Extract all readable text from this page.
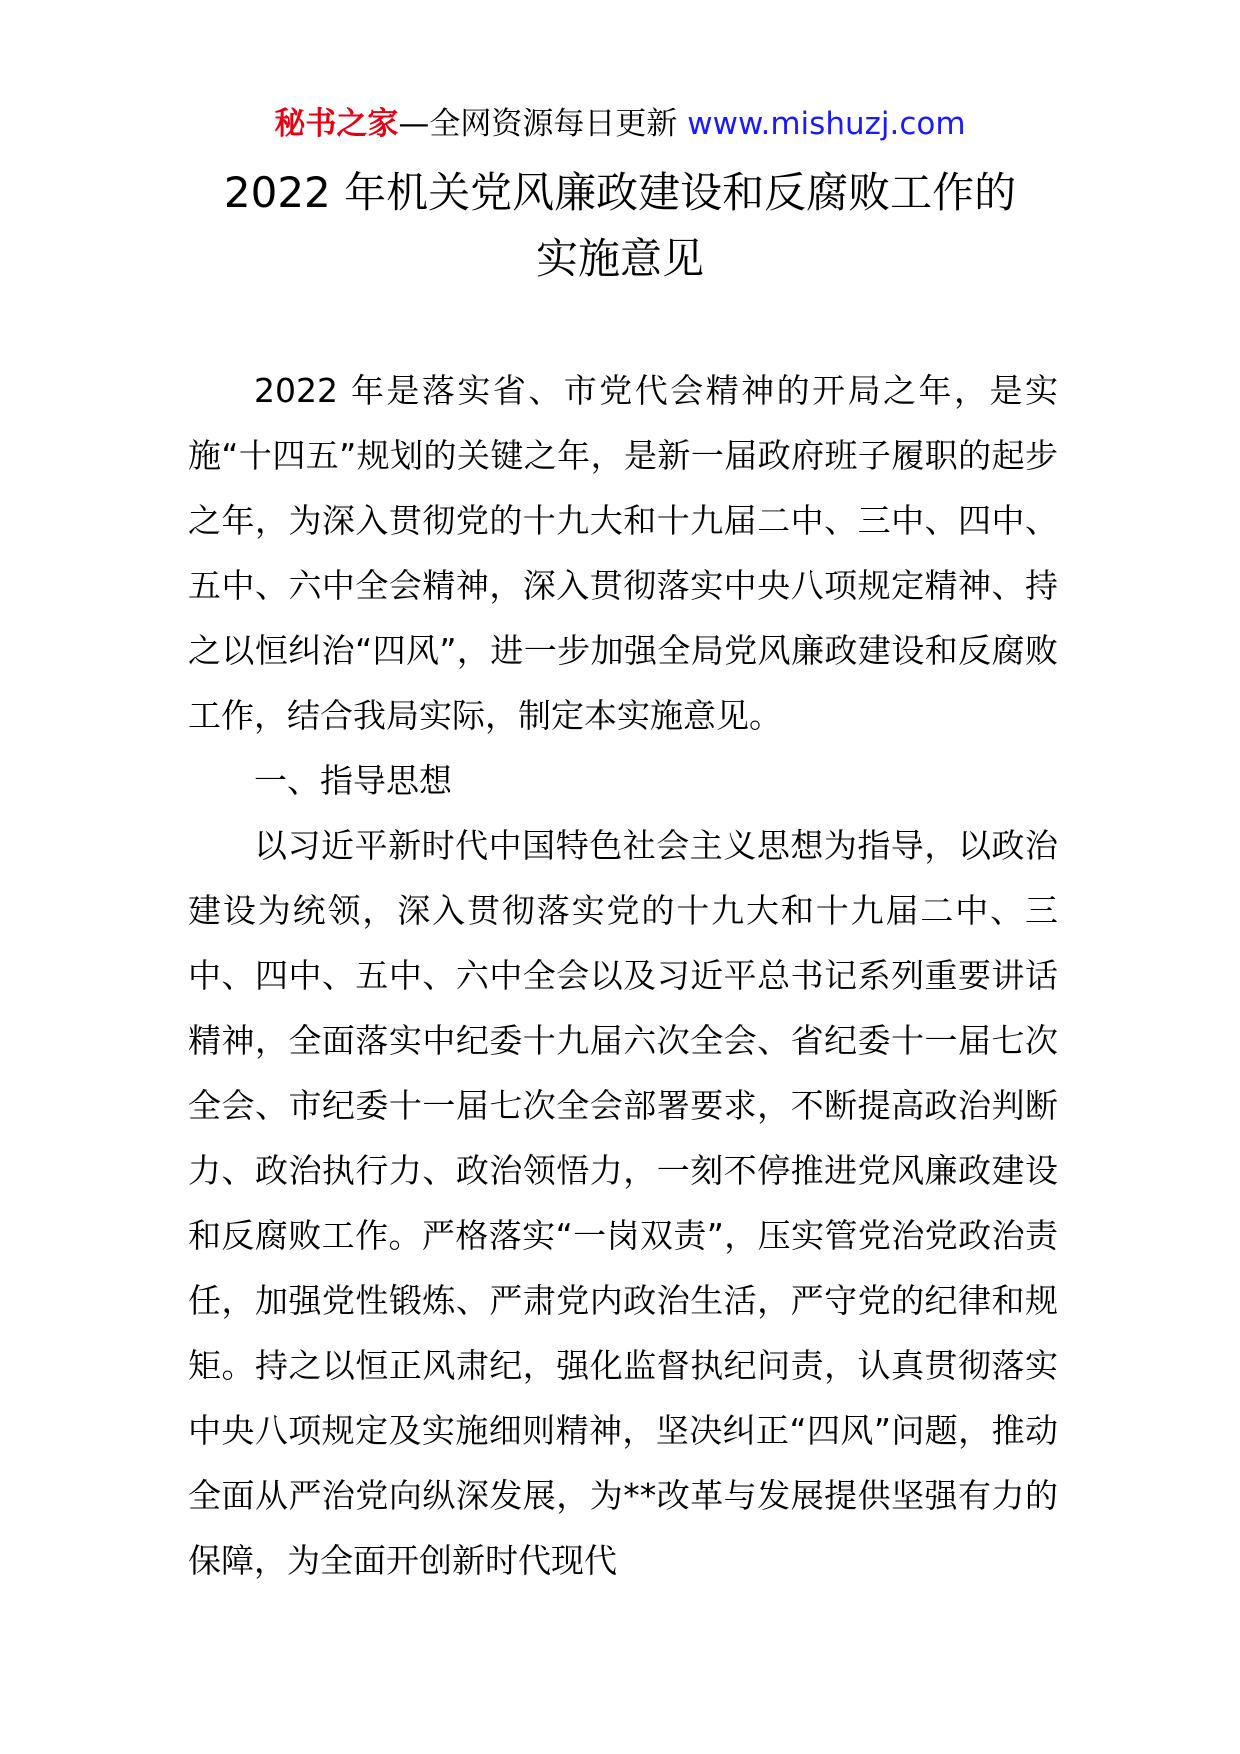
秘书之家—全网资源每日更新 www.mishuzj.com
2022 年机关党风廉政建设和反腐败工作的
实施意见

2022 年是落实省、市党代会精神的开局之年，是实施“十四五”规划的关键之年，是新一届政府班子履职的起步之年，为深入贯彻党的十九大和十九届二中、三中、四中、五中、六中全会精神，深入贯彻落实中央八项规定精神、持之以恒纠治“四风”，进一步加强全局党风廉政建设和反腐败工作，结合我局实际，制定本实施意见。

一、指导思想

以习近平新时代中国特色社会主义思想为指导，以政治建设为统领，深入贯彻落实党的十九大和十九届二中、三中、四中、五中、六中全会以及习近平总书记系列重要讲话精神，全面落实中纪委十九届六次全会、省纪委十一届七次全会、市纪委十一届七次全会部署要求，不断提高政治判断力、政治执行力、政治领悟力，一刻不停推进党风廉政建设和反腐败工作。严格落实“一岗双责”，压实管党治党政治责任，加强党性锻炼、严肃党内政治生活，严守党的纪律和规矩。持之以恒正风肃纪，强化监督执纪问责，认真贯彻落实中央八项规定及实施细则精神，坚决纠正“四风”问题，推动全面从严治党向纵深发展，为**改革与发展提供坚强有力的保障，为全面开创新时代现代
